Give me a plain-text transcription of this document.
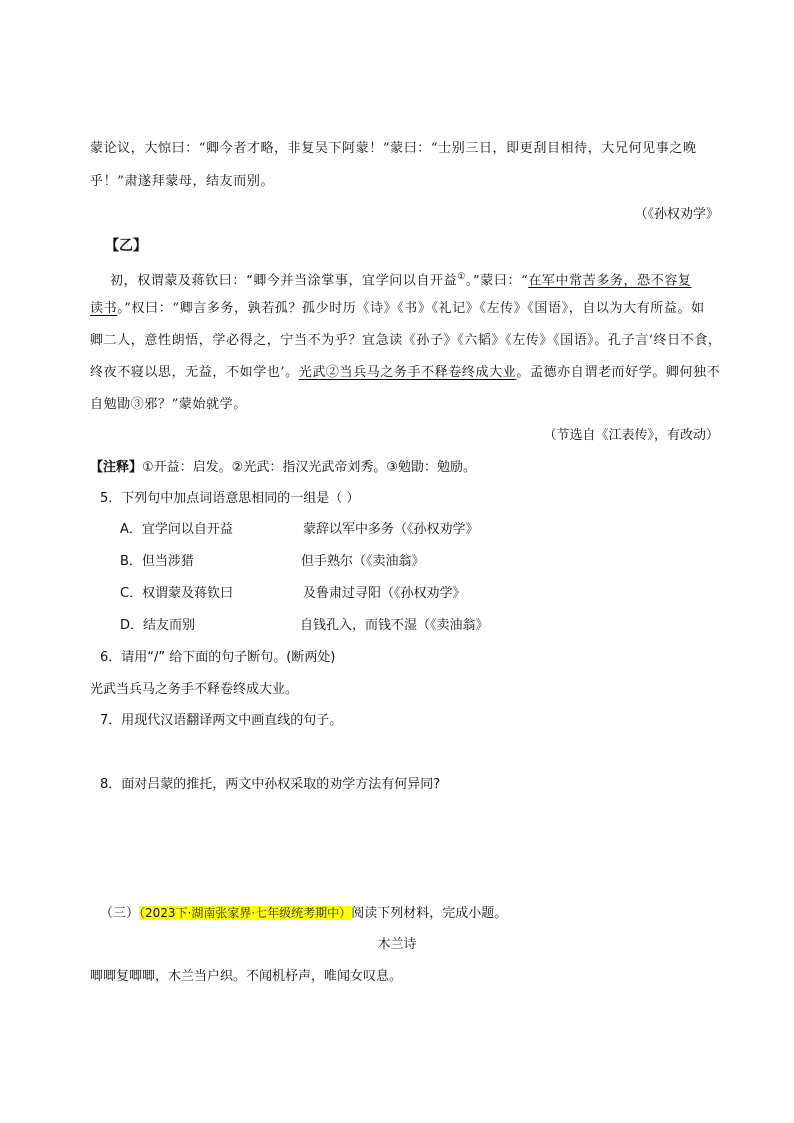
蒙论议，大惊曰：“卿今者才略，非复吴下阿蒙！”蒙曰：“士别三日，即更刮目相待，大兄何见事之晚
乎！”肃遂拜蒙母，结友而别。
（《孙权劝学》
【乙】
初，权谓蒙及蒋钦曰：“卿今并当涂掌事，宜学问以自开益①。”蒙曰：“在军中常苦多务，恐不容复
读书。”权曰：“卿言多务，孰若孤？孤少时历《诗》《书》《礼记》《左传》《国语》，自以为大有所益。如
卿二人，意性朗悟，学必得之，宁当不为乎？宜急读《孙子》《六韬》《左传》《国语》。孔子言‘终日不食，
终夜不寝以思，无益，不如学也’。光武②当兵马之务手不释卷终成大业。孟德亦自谓老而好学。卿何独不
自勉勖③邪？”蒙始就学。
（节选自《江表传》，有改动）
【注释】①开益：启发。②光武：指汉光武帝刘秀。③勉勖：勉励。
5．下列句中加点词语意思相同的一组是（ ）
A．宜学问以自开益	蒙辞以军中多务（《孙权劝学》
B．但当涉猎	但手熟尔（《卖油翁》
C．权谓蒙及蒋钦曰	及鲁肃过寻阳（《孙权劝学》
D．结友而别	自钱孔入，而钱不湿（《卖油翁》
6．请用“/” 给下面的句子断句。(断两处)
光武当兵马之务手不释卷终成大业。
7．用现代汉语翻译两文中画直线的句子。
8．面对吕蒙的推托，两文中孙权采取的劝学方法有何异同?
（三）（2023下·湖南张家界·七年级统考期中）阅读下列材料，完成小题。
木兰诗
唧唧复唧唧，木兰当户织。不闻机杼声，唯闻女叹息。
